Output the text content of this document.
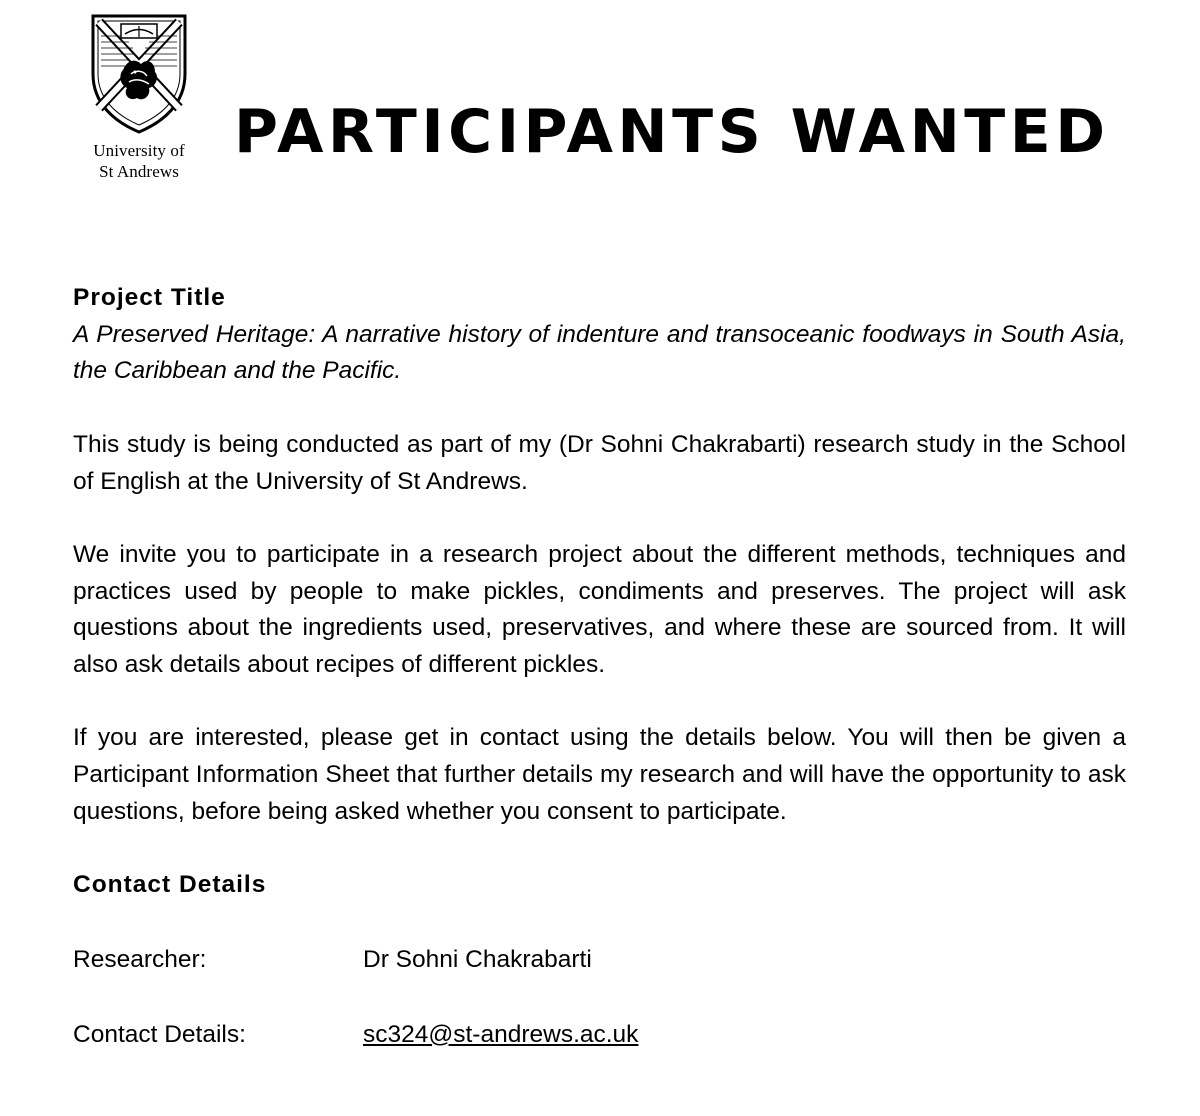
University of
St Andrews
PARTICIPANTS WANTED

Project Title

A Preserved Heritage: A narrative history of indenture and transoceanic foodways in South Asia, the Caribbean and the Pacific.

This study is being conducted as part of my (Dr Sohni Chakrabarti) research study in the School of English at the University of St Andrews.

We invite you to participate in a research project about the different methods, techniques and practices used by people to make pickles, condiments and preserves. The project will ask questions about the ingredients used, preservatives, and where these are sourced from. It will also ask details about recipes of different pickles.

If you are interested, please get in contact using the details below. You will then be given a Participant Information Sheet that further details my research and will have the opportunity to ask questions, before being asked whether you consent to participate.

Contact Details

Researcher:	Dr Sohni Chakrabarti
Contact Details:	sc324@st-andrews.ac.uk
